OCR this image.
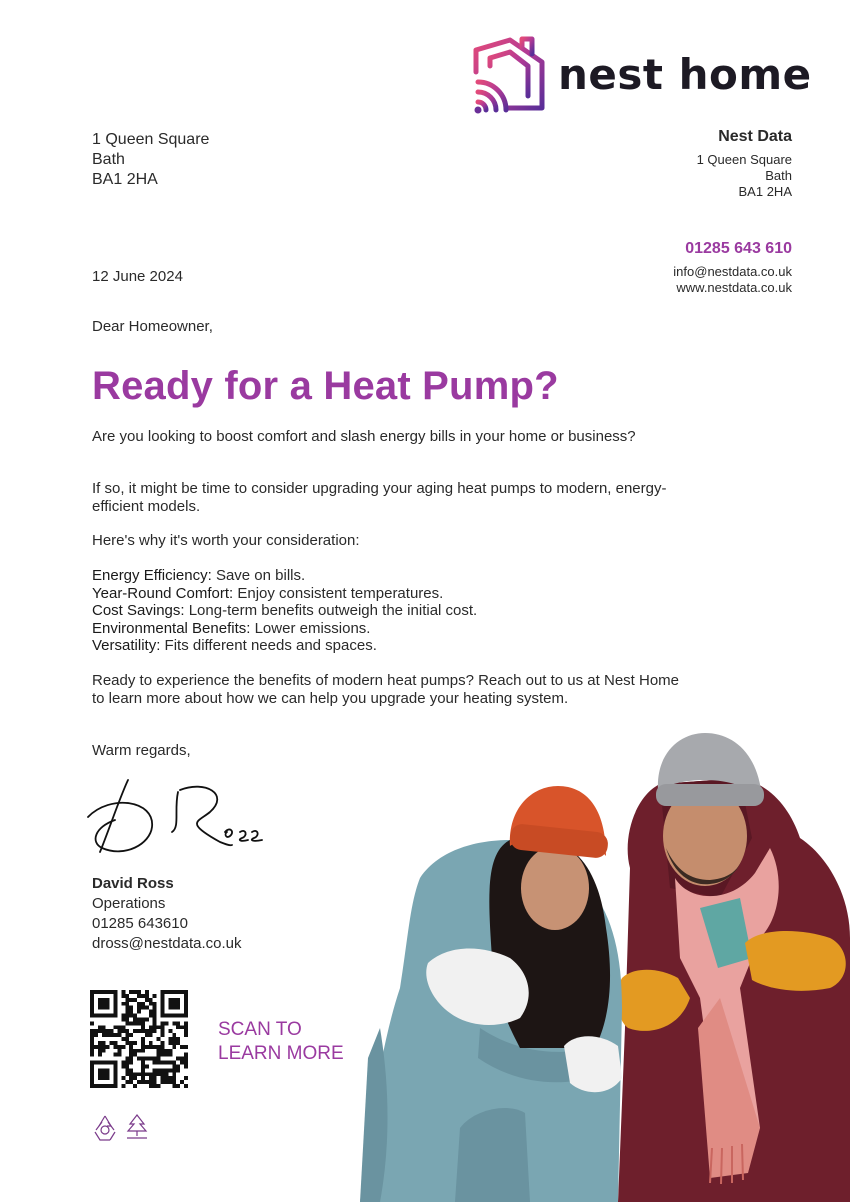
nest home
1 Queen Square
Bath
BA1 2HA
Nest Data
1 Queen Square
Bath
BA1 2HA
01285 643 610
info@nestdata.co.uk
www.nestdata.co.uk
12 June 2024
Dear Homeowner,
Ready for a Heat Pump?

Are you looking to boost comfort and slash energy bills in your home or business?

If so, it might be time to consider upgrading your aging heat pumps to modern, energy-efficient models.

Here's why it's worth your consideration:

Energy Efficiency: Save on bills.
Year-Round Comfort: Enjoy consistent temperatures.
Cost Savings: Long-term benefits outweigh the initial cost.
Environmental Benefits: Lower emissions.
Versatility: Fits different needs and spaces.

Ready to experience the benefits of modern heat pumps? Reach out to us at Nest Home to learn more about how we can help you upgrade your heating system.

Warm regards,
David Ross
Operations
01285 643610
dross@nestdata.co.uk
SCAN TO
LEARN MORE
